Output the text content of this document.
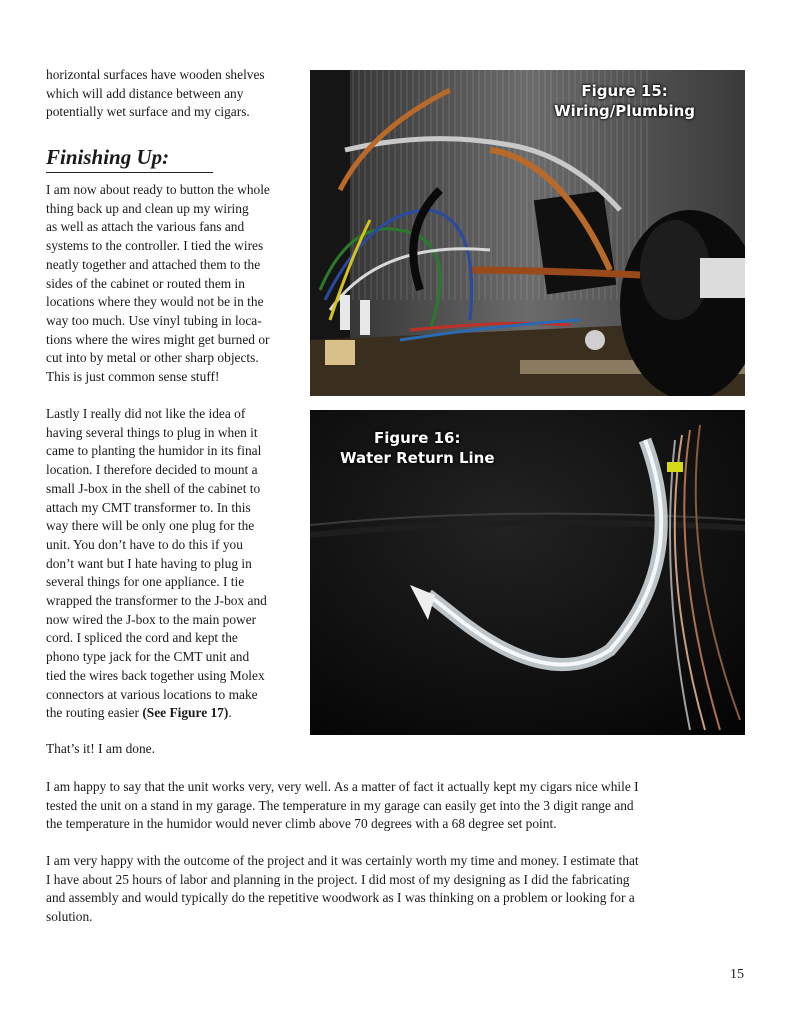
horizontal surfaces have wooden shelves
which will add distance between any
potentially wet surface and my cigars.
Finishing Up:
I am now about ready to button the whole
thing back up and clean up my wiring
as well as attach the various fans and
systems to the controller. I tied the wires
neatly together and attached them to the
sides of the cabinet or routed them in
locations where they would not be in the
way too much. Use vinyl tubing in loca-
tions where the wires might get burned or
cut into by metal or other sharp objects.
This is just common sense stuff!
Lastly I really did not like the idea of
having several things to plug in when it
came to planting the humidor in its final
location. I therefore decided to mount a
small J-box in the shell of the cabinet to
attach my CMT transformer to. In this
way there will be only one plug for the
unit. You don’t have to do this if you
don’t want but I hate having to plug in
several things for one appliance. I tie
wrapped the transformer to the J-box and
now wired the J-box to the main power
cord. I spliced the cord and kept the
phono type jack for the CMT unit and
tied the wires back together using Molex
connectors at various locations to make
the routing easier (See Figure 17).
That’s it! I am done.
I am happy to say that the unit works very, very well. As a matter of fact it actually kept my cigars nice while I
tested the unit on a stand in my garage. The temperature in my garage can easily get into the 3 digit range and
the temperature in the humidor would never climb above 70 degrees with a 68 degree set point.
I am very happy with the outcome of the project and it was certainly worth my time and money. I estimate that
I have about 25 hours of labor and planning in the project. I did most of my designing as I did the fabricating
and assembly and would typically do the repetitive woodwork as I was thinking on a problem or looking for a
solution.
Figure 15:
Wiring/Plumbing
Figure 16:
Water Return Line
15
